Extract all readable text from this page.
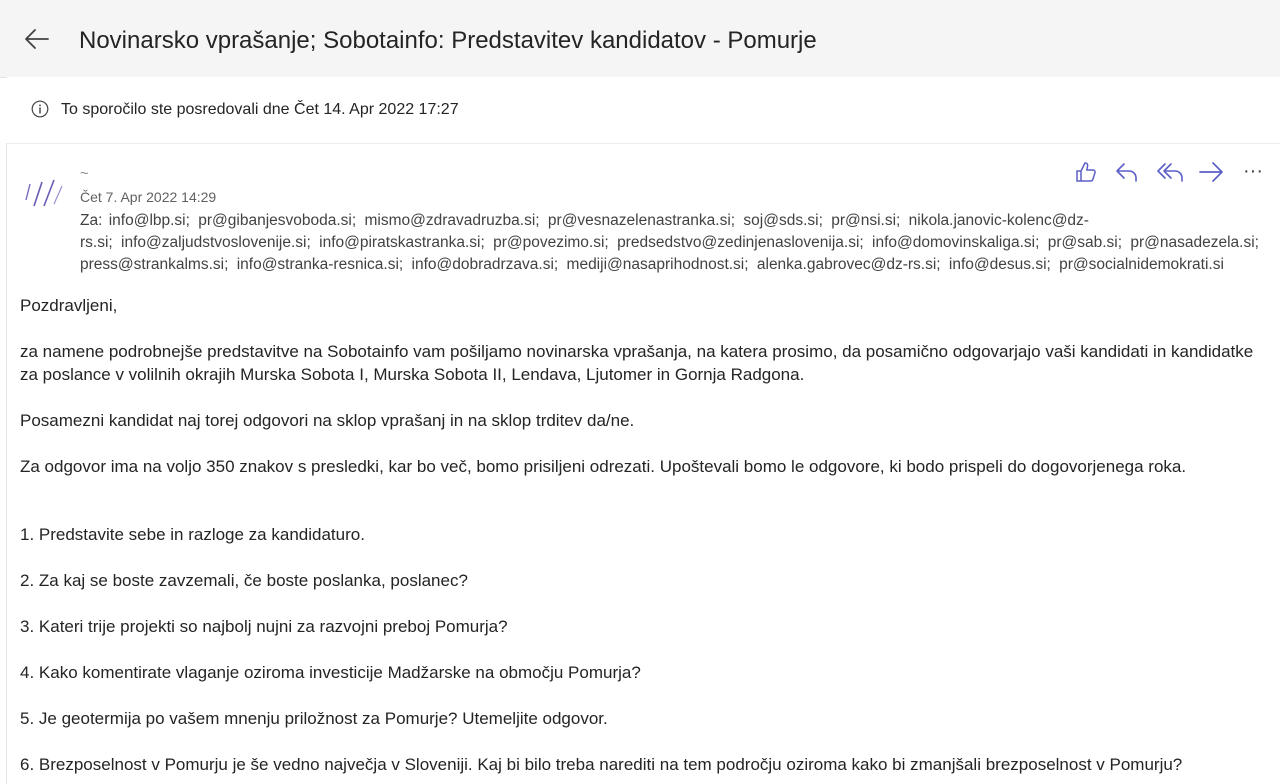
Novinarsko vprašanje; Sobotainfo: Predstavitev kandidatov - Pomurje
To sporočilo ste posredovali dne Čet 14. Apr 2022 17:27
~
Čet 7. Apr 2022 14:29
Za: info@lbp.si; pr@gibanjesvoboda.si; mismo@zdravadruzba.si; pr@vesnazelenastranka.si; soj@sds.si; pr@nsi.si; nikola.janovic-kolenc@dz-
rs.si; info@zaljudstvoslovenije.si; info@piratskastranka.si; pr@povezimo.si; predsedstvo@zedinjenaslovenija.si; info@domovinskaliga.si; pr@sab.si; pr@nasadezela.si;
press@strankalms.si; info@stranka-resnica.si; info@dobradrzava.si; mediji@nasaprihodnost.si; alenka.gabrovec@dz-rs.si; info@desus.si; pr@socialnidemokrati.si
···

Pozdravljeni,

za namene podrobnejše predstavitve na Sobotainfo vam pošiljamo novinarska vprašanja, na katera prosimo, da posamično odgovarjajo vaši kandidati in kandidatke za poslance v volilnih okrajih Murska Sobota I, Murska Sobota II, Lendava, Ljutomer in Gornja Radgona.

Posamezni kandidat naj torej odgovori na sklop vprašanj in na sklop trditev da/ne.

Za odgovor ima na voljo 350 znakov s presledki, kar bo več, bomo prisiljeni odrezati. Upoštevali bomo le odgovore, ki bodo prispeli do dogovorjenega roka.

1. Predstavite sebe in razloge za kandidaturo.

2. Za kaj se boste zavzemali, če boste poslanka, poslanec?

3. Kateri trije projekti so najbolj nujni za razvojni preboj Pomurja?

4. Kako komentirate vlaganje oziroma investicije Madžarske na območju Pomurja?

5. Je geotermija po vašem mnenju priložnost za Pomurje? Utemeljite odgovor.

6. Brezposelnost v Pomurju je še vedno največja v Sloveniji. Kaj bi bilo treba narediti na tem področju oziroma kako bi zmanjšali brezposelnost v Pomurju?
